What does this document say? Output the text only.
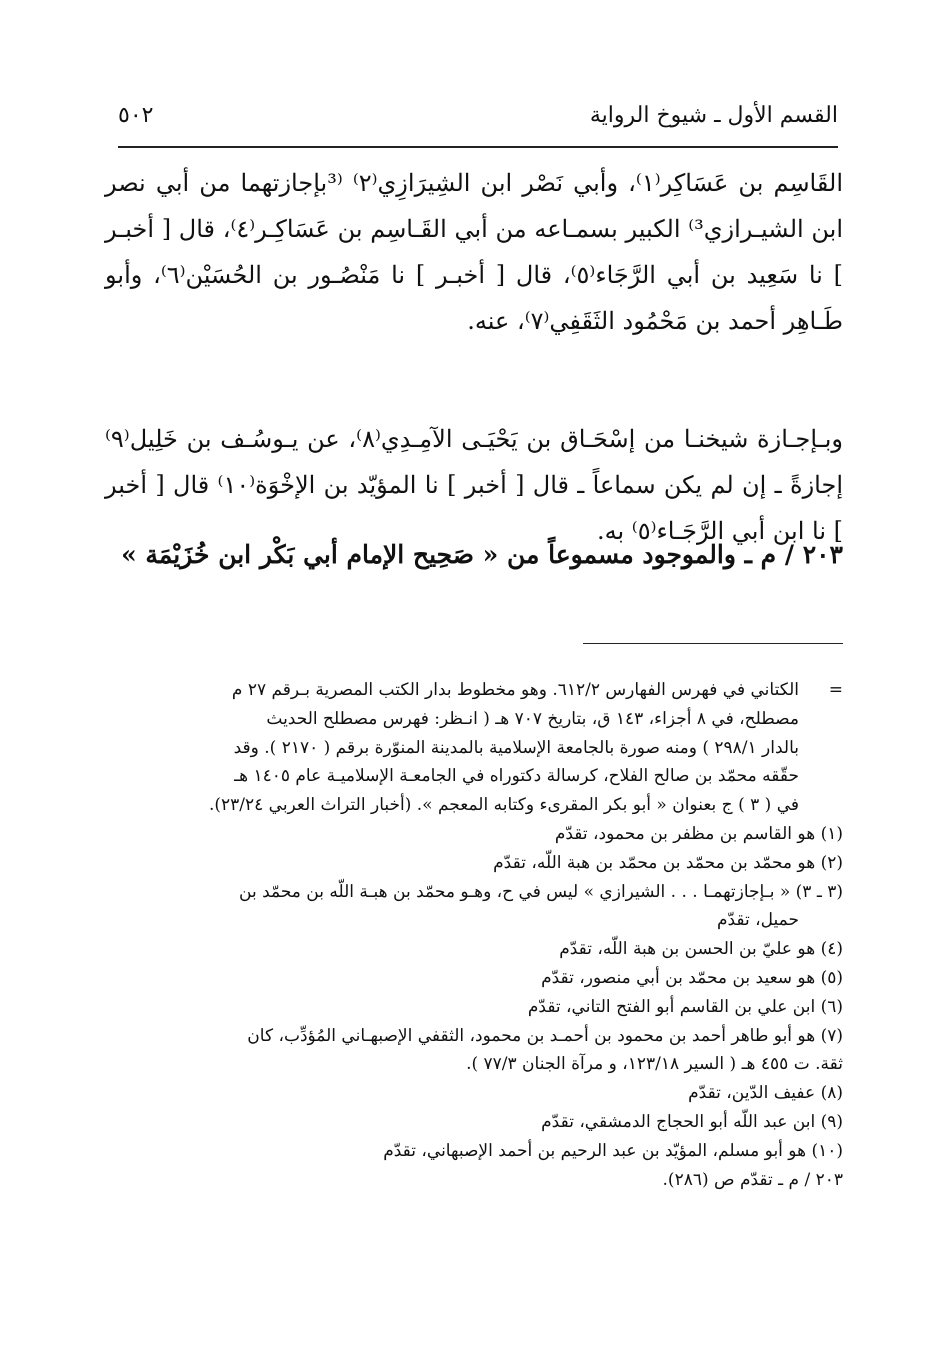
القسم الأول ـ شيوخ الرواية
٥٠٢

القَاسِم بن عَسَاكِر⁽١⁾، وأبي نَصْر ابن الشِيرَازِي⁽٢⁾ ⁽³بإجازتهما من أبي نصر ابن الشيـرازي³⁾ الكبير بسمـاعه من أبي القَـاسِم بن عَسَاكِـر⁽٤⁾، قال [ أخبـر ] نا سَعِيد بن أبي الرَّجَاء⁽٥⁾، قال [ أخبـر ] نا مَنْصُـور بن الحُسَيْن⁽٦⁾، وأبو طَـاهِر أحمد بن مَحْمُود الثَقَفِي⁽٧⁾، عنه.

وبـإجـازة شيخنـا من إسْحَـاق بن يَحْيَـى الآمِـدِي⁽٨⁾، عن يـوسُـف بن خَلِيل⁽٩⁾ إجازةً ـ إن لم يكن سماعاً ـ قال [ أخبر ] نا المؤيّد بن الإخْوَة⁽١٠⁾ قال [ أخبر ] نا ابن أبي الرَّجَـاء⁽٥⁾ به.

٢٠٣ / م ـ والموجود مسموعاً من « صَحِيح الإمام أبي بَكْر ابن خُزَيْمَة »
=
الكتاني في فهرس الفهارس ٦١٢/٢. وهو مخطوط بدار الكتب المصرية بـرقم ٢٧ م
مصطلح، في ٨ أجزاء، ١٤٣ ق، بتاريخ ٧٠٧ هـ ( انـظر: فهرس مصطلح الحديث
بالدار ٢٩٨/١ ) ومنه صورة بالجامعة الإسلامية بالمدينة المنوّرة برقم ( ٢١٧٠ ). وقد
حقّقه محمّد بن صالح الفلاح، كرسالة دكتوراه في الجامعـة الإسلاميـة عام ١٤٠٥ هـ
في ( ٣ ) ج بعنوان « أبو بكر المقرىء وكتابه المعجم ». (أخبار التراث العربي ٢٣/٢٤).
(١) هو القاسم بن مظفر بن محمود، تقدّم
(٢) هو محمّد بن محمّد بن محمّد بن هبة اللّه، تقدّم
(٣ ـ ٣) « بـإجازتهمـا . . . الشيرازي » ليس في ح، وهـو محمّد بن هبـة اللّه بن محمّد بن
حميل، تقدّم
(٤) هو عليّ بن الحسن بن هبة اللّه، تقدّم
(٥) هو سعيد بن محمّد بن أبي منصور، تقدّم
(٦) ابن علي بن القاسم أبو الفتح التاني، تقدّم
(٧) هو أبو طاهر أحمد بن محمود بن أحمـد بن محمود، الثقفي الإصبهـاني المُؤدِّب، كان
ثقة. ت ٤٥٥ هـ ( السير ١٢٣/١٨، و مرآة الجنان ٧٧/٣ ).
(٨) عفيف الدّين، تقدّم
(٩) ابن عبد اللّه أبو الحجاج الدمشقي، تقدّم
(١٠) هو أبو مسلم، المؤيّد بن عبد الرحيم بن أحمد الإصبهاني، تقدّم
٢٠٣ / م ـ تقدّم ص (٢٨٦).
